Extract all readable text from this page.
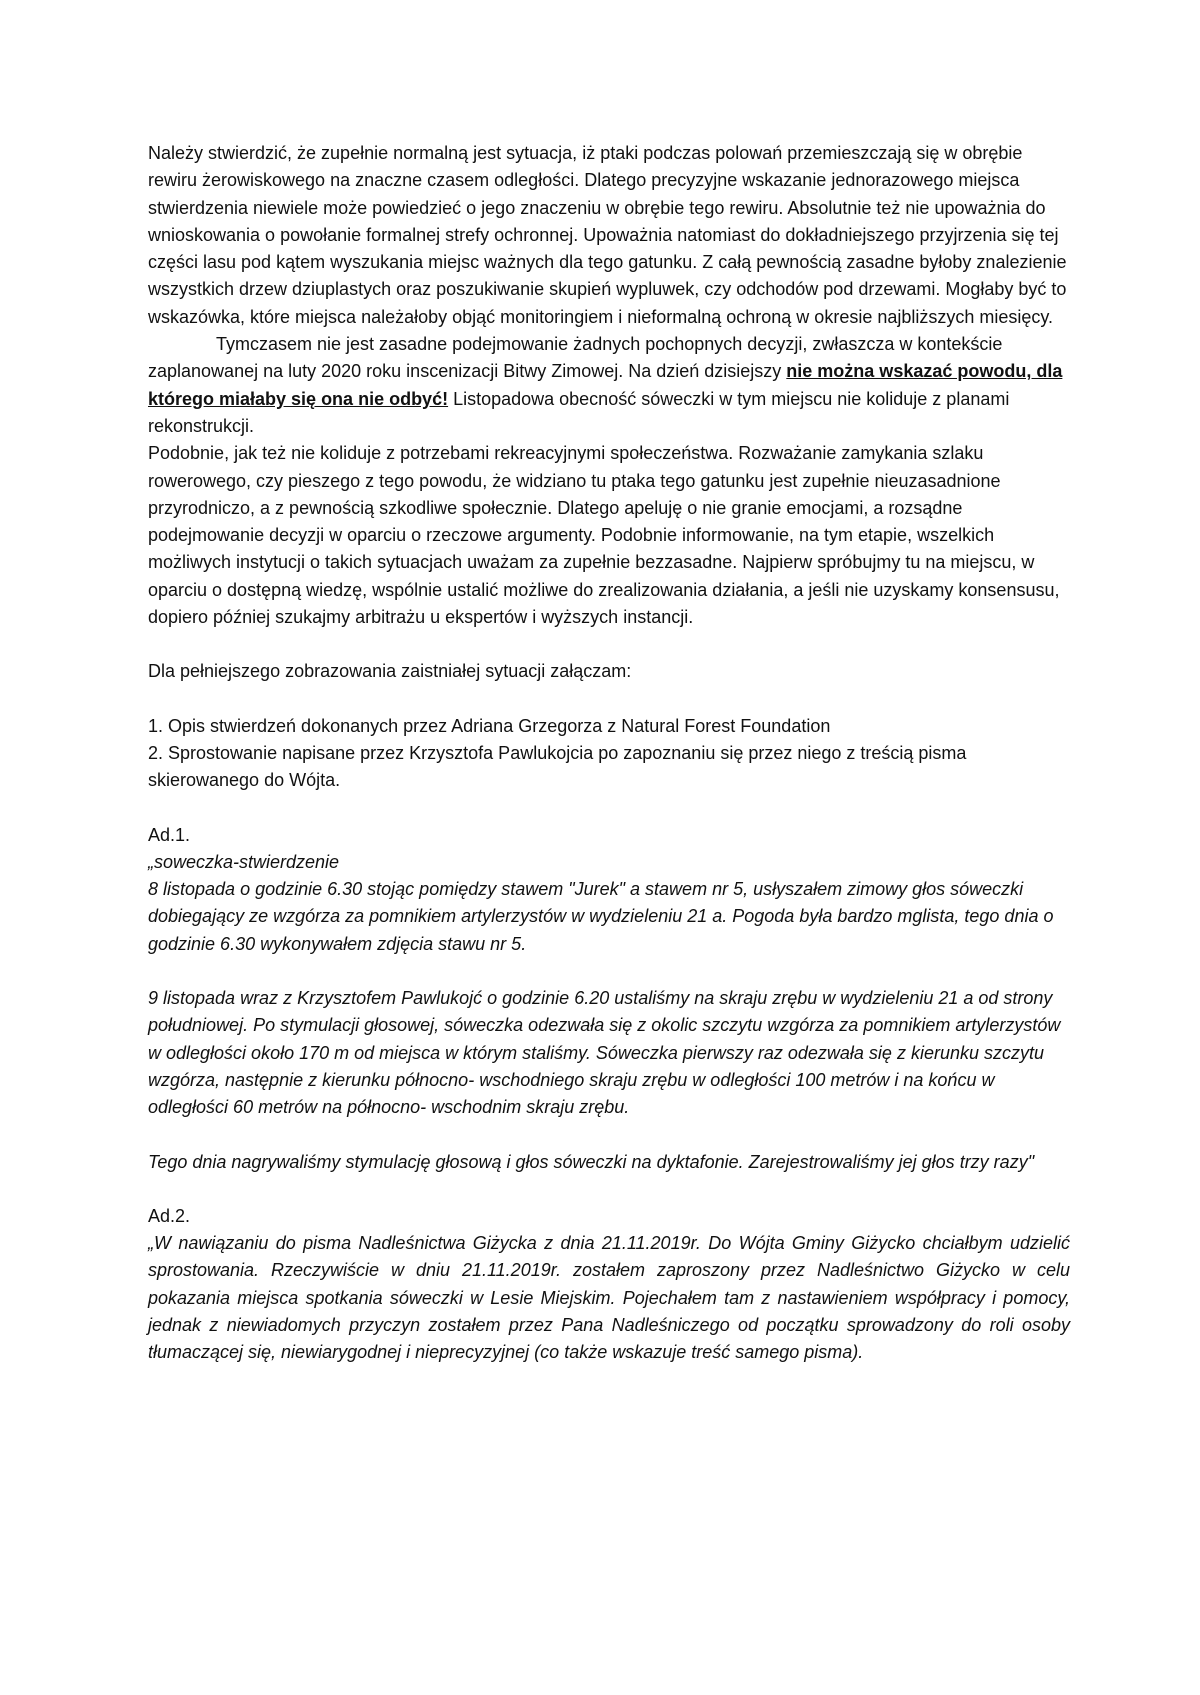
Należy stwierdzić, że zupełnie normalną jest sytuacja, iż ptaki podczas polowań przemieszczają się w obrębie rewiru żerowiskowego na znaczne czasem odległości. Dlatego precyzyjne wskazanie jednorazowego miejsca stwierdzenia niewiele może powiedzieć o jego znaczeniu w obrębie tego rewiru. Absolutnie też nie upoważnia do wnioskowania o powołanie formalnej strefy ochronnej. Upoważnia natomiast do dokładniejszego przyjrzenia się tej części lasu pod kątem wyszukania miejsc ważnych dla tego gatunku. Z całą pewnością zasadne byłoby znalezienie wszystkich drzew dziuplastych oraz poszukiwanie skupień wypluwek, czy odchodów pod drzewami. Mogłaby być to wskazówka, które miejsca należałoby objąć monitoringiem i nieformalną ochroną w okresie najbliższych miesięcy.

Tymczasem nie jest zasadne podejmowanie żadnych pochopnych decyzji, zwłaszcza w kontekście zaplanowanej na luty 2020 roku inscenizacji Bitwy Zimowej. Na dzień dzisiejszy nie można wskazać powodu, dla którego miałaby się ona nie odbyć! Listopadowa obecność sóweczki w tym miejscu nie koliduje z planami rekonstrukcji.

Podobnie, jak też nie koliduje z potrzebami rekreacyjnymi społeczeństwa. Rozważanie zamykania szlaku rowerowego, czy pieszego z tego powodu, że widziano tu ptaka tego gatunku jest zupełnie nieuzasadnione przyrodniczo, a z pewnością szkodliwe społecznie. Dlatego apeluję o nie granie emocjami, a rozsądne podejmowanie decyzji w oparciu o rzeczowe argumenty. Podobnie informowanie, na tym etapie, wszelkich możliwych instytucji o takich sytuacjach uważam za zupełnie bezzasadne. Najpierw spróbujmy tu na miejscu, w oparciu o dostępną wiedzę, wspólnie ustalić możliwe do zrealizowania działania, a jeśli nie uzyskamy konsensusu, dopiero później szukajmy arbitrażu u ekspertów i wyższych instancji.

Dla pełniejszego zobrazowania zaistniałej sytuacji załączam:

1. Opis stwierdzeń dokonanych przez Adriana Grzegorza z Natural Forest Foundation

2. Sprostowanie napisane przez Krzysztofa Pawlukojcia po zapoznaniu się przez niego z treścią pisma skierowanego do Wójta.

Ad.1.

„soweczka-stwierdzenie

8 listopada o godzinie 6.30 stojąc pomiędzy stawem "Jurek" a stawem nr 5, usłyszałem zimowy głos sóweczki dobiegający ze wzgórza za pomnikiem artylerzystów w wydzieleniu 21 a. Pogoda była bardzo mglista, tego dnia o godzinie 6.30 wykonywałem zdjęcia stawu nr 5.

9 listopada wraz z Krzysztofem Pawlukojć o godzinie 6.20 ustaliśmy na skraju zrębu w wydzieleniu 21 a od strony południowej. Po stymulacji głosowej, sóweczka odezwała się z okolic szczytu wzgórza za pomnikiem artylerzystów w odległości około 170 m od miejsca w którym staliśmy. Sóweczka pierwszy raz odezwała się z kierunku szczytu wzgórza, następnie z kierunku północno- wschodniego skraju zrębu w odległości 100 metrów i na końcu w odległości 60 metrów na północno- wschodnim skraju zrębu.

Tego dnia nagrywaliśmy stymulację głosową i głos sóweczki na dyktafonie. Zarejestrowaliśmy jej głos trzy razy"

Ad.2.

„W nawiązaniu do pisma Nadleśnictwa Giżycka z dnia 21.11.2019r. Do Wójta Gminy Giżycko chciałbym udzielić sprostowania. Rzeczywiście w dniu 21.11.2019r. zostałem zaproszony przez Nadleśnictwo Giżycko w celu pokazania miejsca spotkania sóweczki w Lesie Miejskim. Pojechałem tam z nastawieniem współpracy i pomocy, jednak z niewiadomych przyczyn zostałem przez Pana Nadleśniczego od początku sprowadzony do roli osoby tłumaczącej się, niewiarygodnej i nieprecyzyjnej (co także wskazuje treść samego pisma).
